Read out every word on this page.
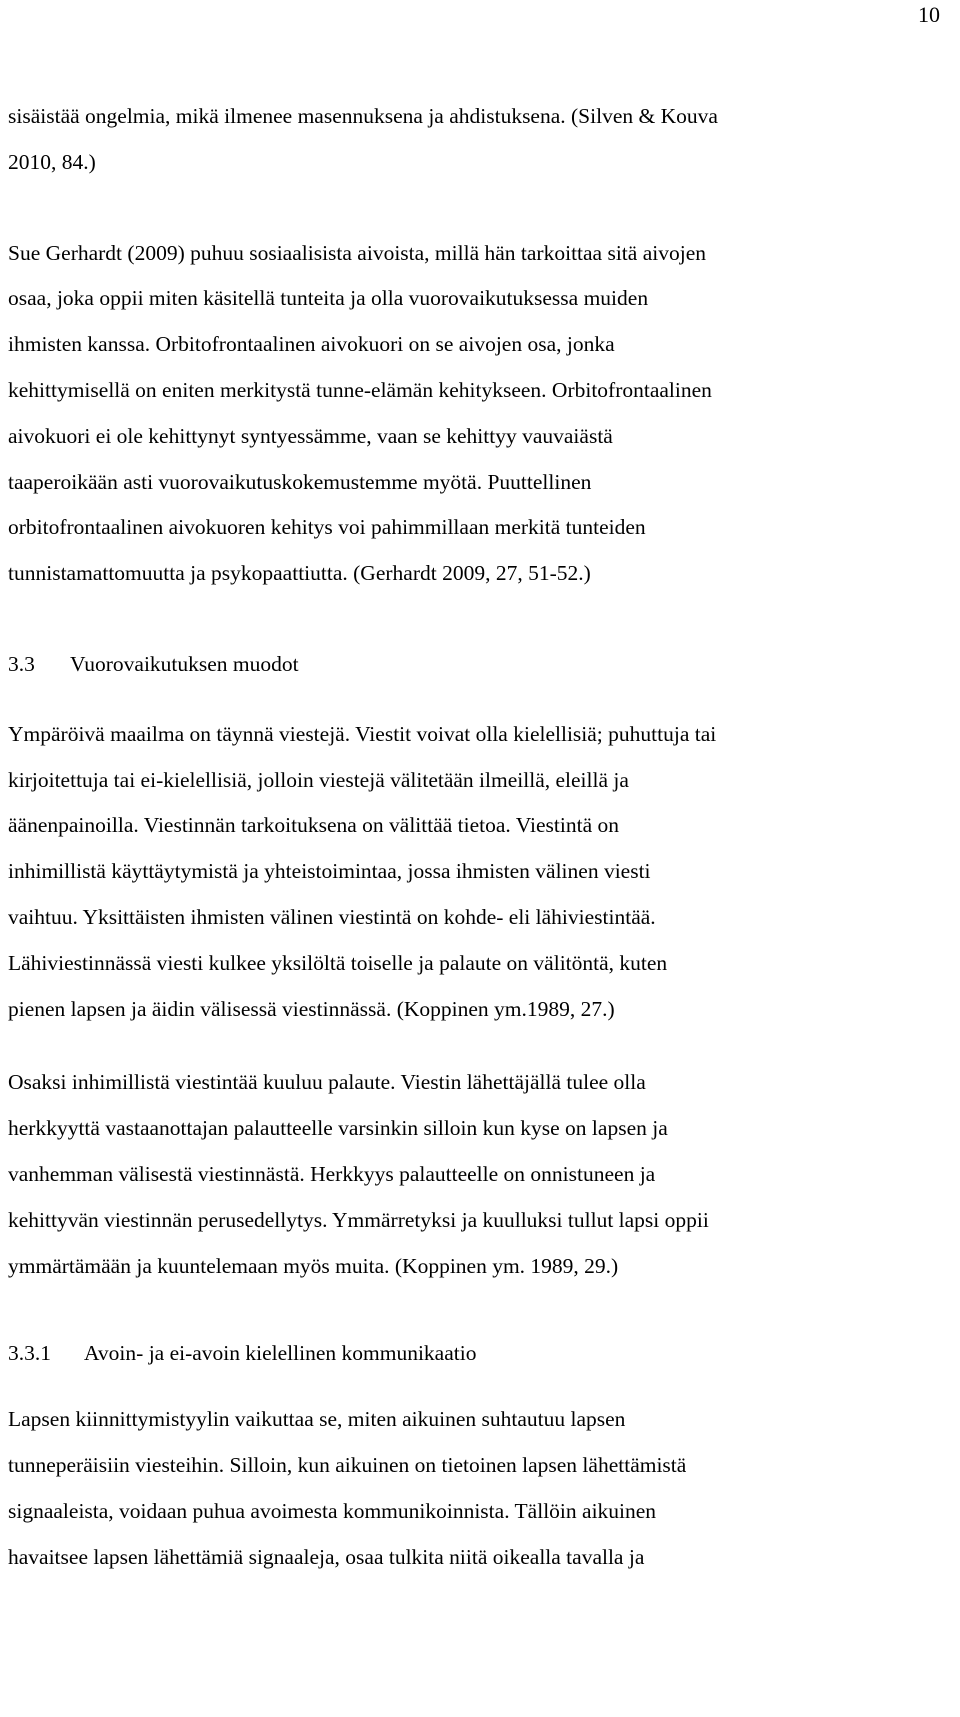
10
sisäistää ongelmia, mikä ilmenee masennuksena ja ahdistuksena. (Silven & Kouva
2010, 84.)
Sue Gerhardt (2009) puhuu sosiaalisista aivoista, millä hän tarkoittaa sitä aivojen
osaa, joka oppii miten käsitellä tunteita ja olla vuorovaikutuksessa muiden
ihmisten kanssa. Orbitofrontaalinen aivokuori on se aivojen osa, jonka
kehittymisellä on eniten merkitystä tunne-elämän kehitykseen. Orbitofrontaalinen
aivokuori ei ole kehittynyt syntyessämme, vaan se kehittyy vauvaiästä
taaperoikään asti vuorovaikutuskokemustemme myötä. Puuttellinen
orbitofrontaalinen aivokuoren kehitys voi pahimmillaan merkitä tunteiden
tunnistamattomuutta ja psykopaattiutta. (Gerhardt 2009, 27, 51-52.)
3.3 Vuorovaikutuksen muodot
Ympäröivä maailma on täynnä viestejä. Viestit voivat olla kielellisiä; puhuttuja tai
kirjoitettuja tai ei-kielellisiä, jolloin viestejä välitetään ilmeillä, eleillä ja
äänenpainoilla. Viestinnän tarkoituksena on välittää tietoa. Viestintä on
inhimillistä käyttäytymistä ja yhteistoimintaa, jossa ihmisten välinen viesti
vaihtuu. Yksittäisten ihmisten välinen viestintä on kohde- eli lähiviestintää.
Lähiviestinnässä viesti kulkee yksilöltä toiselle ja palaute on välitöntä, kuten
pienen lapsen ja äidin välisessä viestinnässä. (Koppinen ym.1989, 27.)
Osaksi inhimillistä viestintää kuuluu palaute. Viestin lähettäjällä tulee olla
herkkyyttä vastaanottajan palautteelle varsinkin silloin kun kyse on lapsen ja
vanhemman välisestä viestinnästä. Herkkyys palautteelle on onnistuneen ja
kehittyvän viestinnän perusedellytys. Ymmärretyksi ja kuulluksi tullut lapsi oppii
ymmärtämään ja kuuntelemaan myös muita. (Koppinen ym. 1989, 29.)
3.3.1 Avoin- ja ei-avoin kielellinen kommunikaatio
Lapsen kiinnittymistyylin vaikuttaa se, miten aikuinen suhtautuu lapsen
tunneperäisiin viesteihin. Silloin, kun aikuinen on tietoinen lapsen lähettämistä
signaaleista, voidaan puhua avoimesta kommunikoinnista. Tällöin aikuinen
havaitsee lapsen lähettämiä signaaleja, osaa tulkita niitä oikealla tavalla ja
